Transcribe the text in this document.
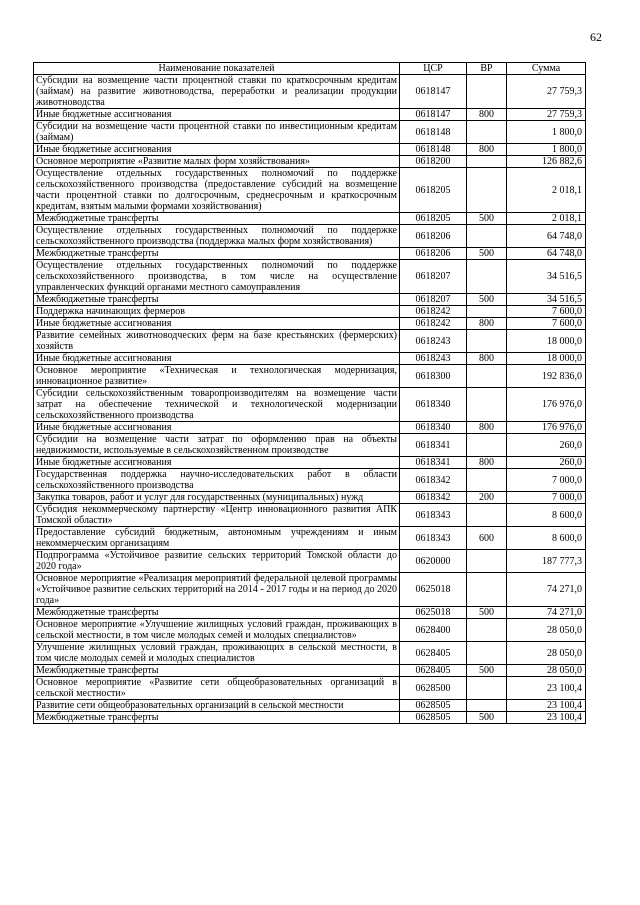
62
Наименование показателей	ЦСР	ВР	Сумма
Субсидии на возмещение части процентной ставки по краткосрочным кредитам (займам) на развитие животноводства, переработки и реализации продукции животноводства	0618147		27 759,3
Иные бюджетные ассигнования	0618147	800	27 759,3
Субсидии на возмещение части процентной ставки по инвестиционным кредитам (займам)	0618148		1 800,0
Иные бюджетные ассигнования	0618148	800	1 800,0
Основное мероприятие «Развитие малых форм хозяйствования»	0618200		126 882,6
Осуществление отдельных государственных полномочий по поддержке сельскохозяйственного производства (предоставление субсидий на возмещение части процентной ставки по долгосрочным, среднесрочным и краткосрочным кредитам, взятым малыми формами хозяйствования)	0618205		2 018,1
Межбюджетные трансферты	0618205	500	2 018,1
Осуществление отдельных государственных полномочий по поддержке сельскохозяйственного производства (поддержка малых форм хозяйствования)	0618206		64 748,0
Межбюджетные трансферты	0618206	500	64 748,0
Осуществление отдельных государственных полномочий по поддержке сельскохозяйственного производства, в том числе на осуществление управленческих функций органами местного самоуправления	0618207		34 516,5
Межбюджетные трансферты	0618207	500	34 516,5
Поддержка начинающих фермеров	0618242		7 600,0
Иные бюджетные ассигнования	0618242	800	7 600,0
Развитие семейных животноводческих ферм на базе крестьянских (фермерских) хозяйств	0618243		18 000,0
Иные бюджетные ассигнования	0618243	800	18 000,0
Основное мероприятие «Техническая и технологическая модернизация, инновационное развитие»	0618300		192 836,0
Субсидии сельскохозяйственным товаропроизводителям на возмещение части затрат на обеспечение технической и технологической модернизации сельскохозяйственного производства	0618340		176 976,0
Иные бюджетные ассигнования	0618340	800	176 976,0
Субсидии на возмещение части затрат по оформлению прав на объекты недвижимости, используемые в сельскохозяйственном производстве	0618341		260,0
Иные бюджетные ассигнования	0618341	800	260,0
Государственная поддержка научно-исследовательских работ в области сельскохозяйственного производства	0618342		7 000,0
Закупка товаров, работ и услуг для государственных (муниципальных) нужд	0618342	200	7 000,0
Субсидия некоммерческому партнерству «Центр инновационного развития АПК Томской области»	0618343		8 600,0
Предоставление субсидий бюджетным, автономным учреждениям и иным некоммерческим организациям	0618343	600	8 600,0
Подпрограмма «Устойчивое развитие сельских территорий Томской области до 2020 года»	0620000		187 777,3
Основное мероприятие «Реализация мероприятий федеральной целевой программы «Устойчивое развитие сельских территорий на 2014 - 2017 годы и на период до 2020 года»	0625018		74 271,0
Межбюджетные трансферты	0625018	500	74 271,0
Основное мероприятие «Улучшение жилищных условий граждан, проживающих в сельской местности, в том числе молодых семей и молодых специалистов»	0628400		28 050,0
Улучшение жилищных условий граждан, проживающих в сельской местности, в том числе молодых семей и молодых специалистов	0628405		28 050,0
Межбюджетные трансферты	0628405	500	28 050,0
Основное мероприятие «Развитие сети общеобразовательных организаций в сельской местности»	0628500		23 100,4
Развитие сети общеобразовательных организаций в сельской местности	0628505		23 100,4
Межбюджетные трансферты	0628505	500	23 100,4
